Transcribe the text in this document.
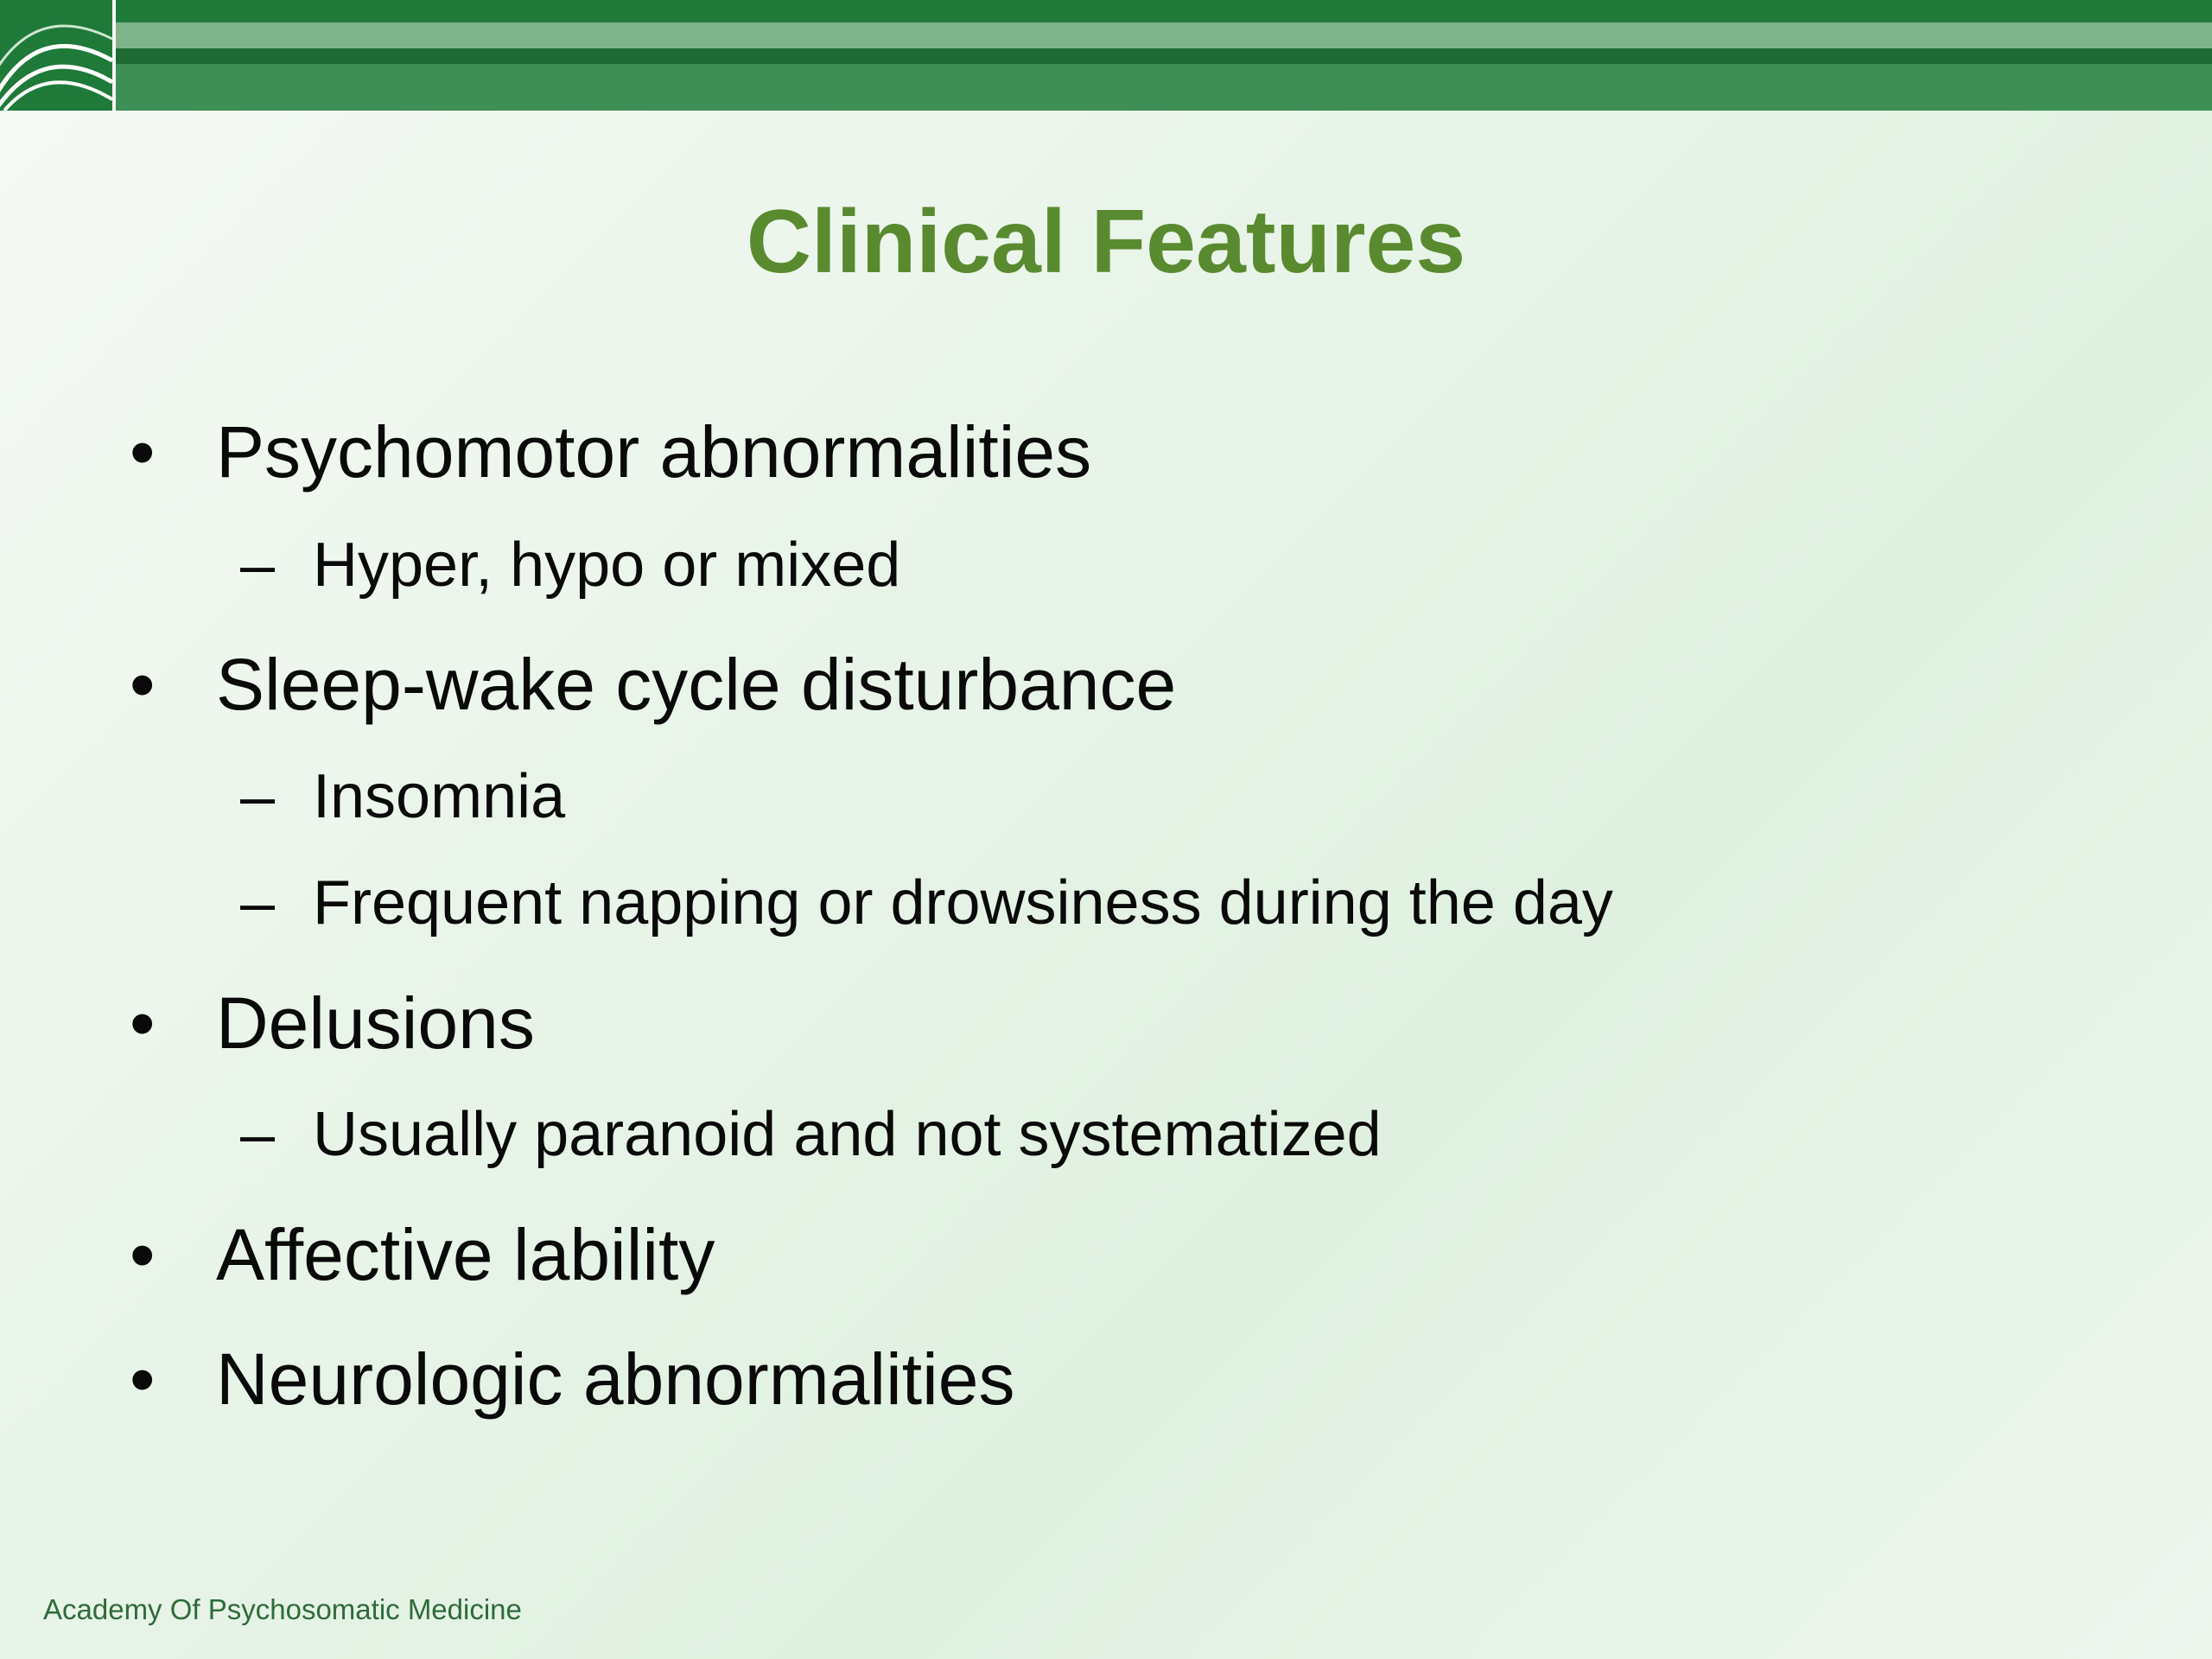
Clinical Features
• Psychomotor abnormalities
– Hyper, hypo or mixed
• Sleep-wake cycle disturbance
– Insomnia
– Frequent napping or drowsiness during the day
• Delusions
– Usually paranoid and not systematized
• Affective lability
• Neurologic abnormalities
Academy Of Psychosomatic Medicine
